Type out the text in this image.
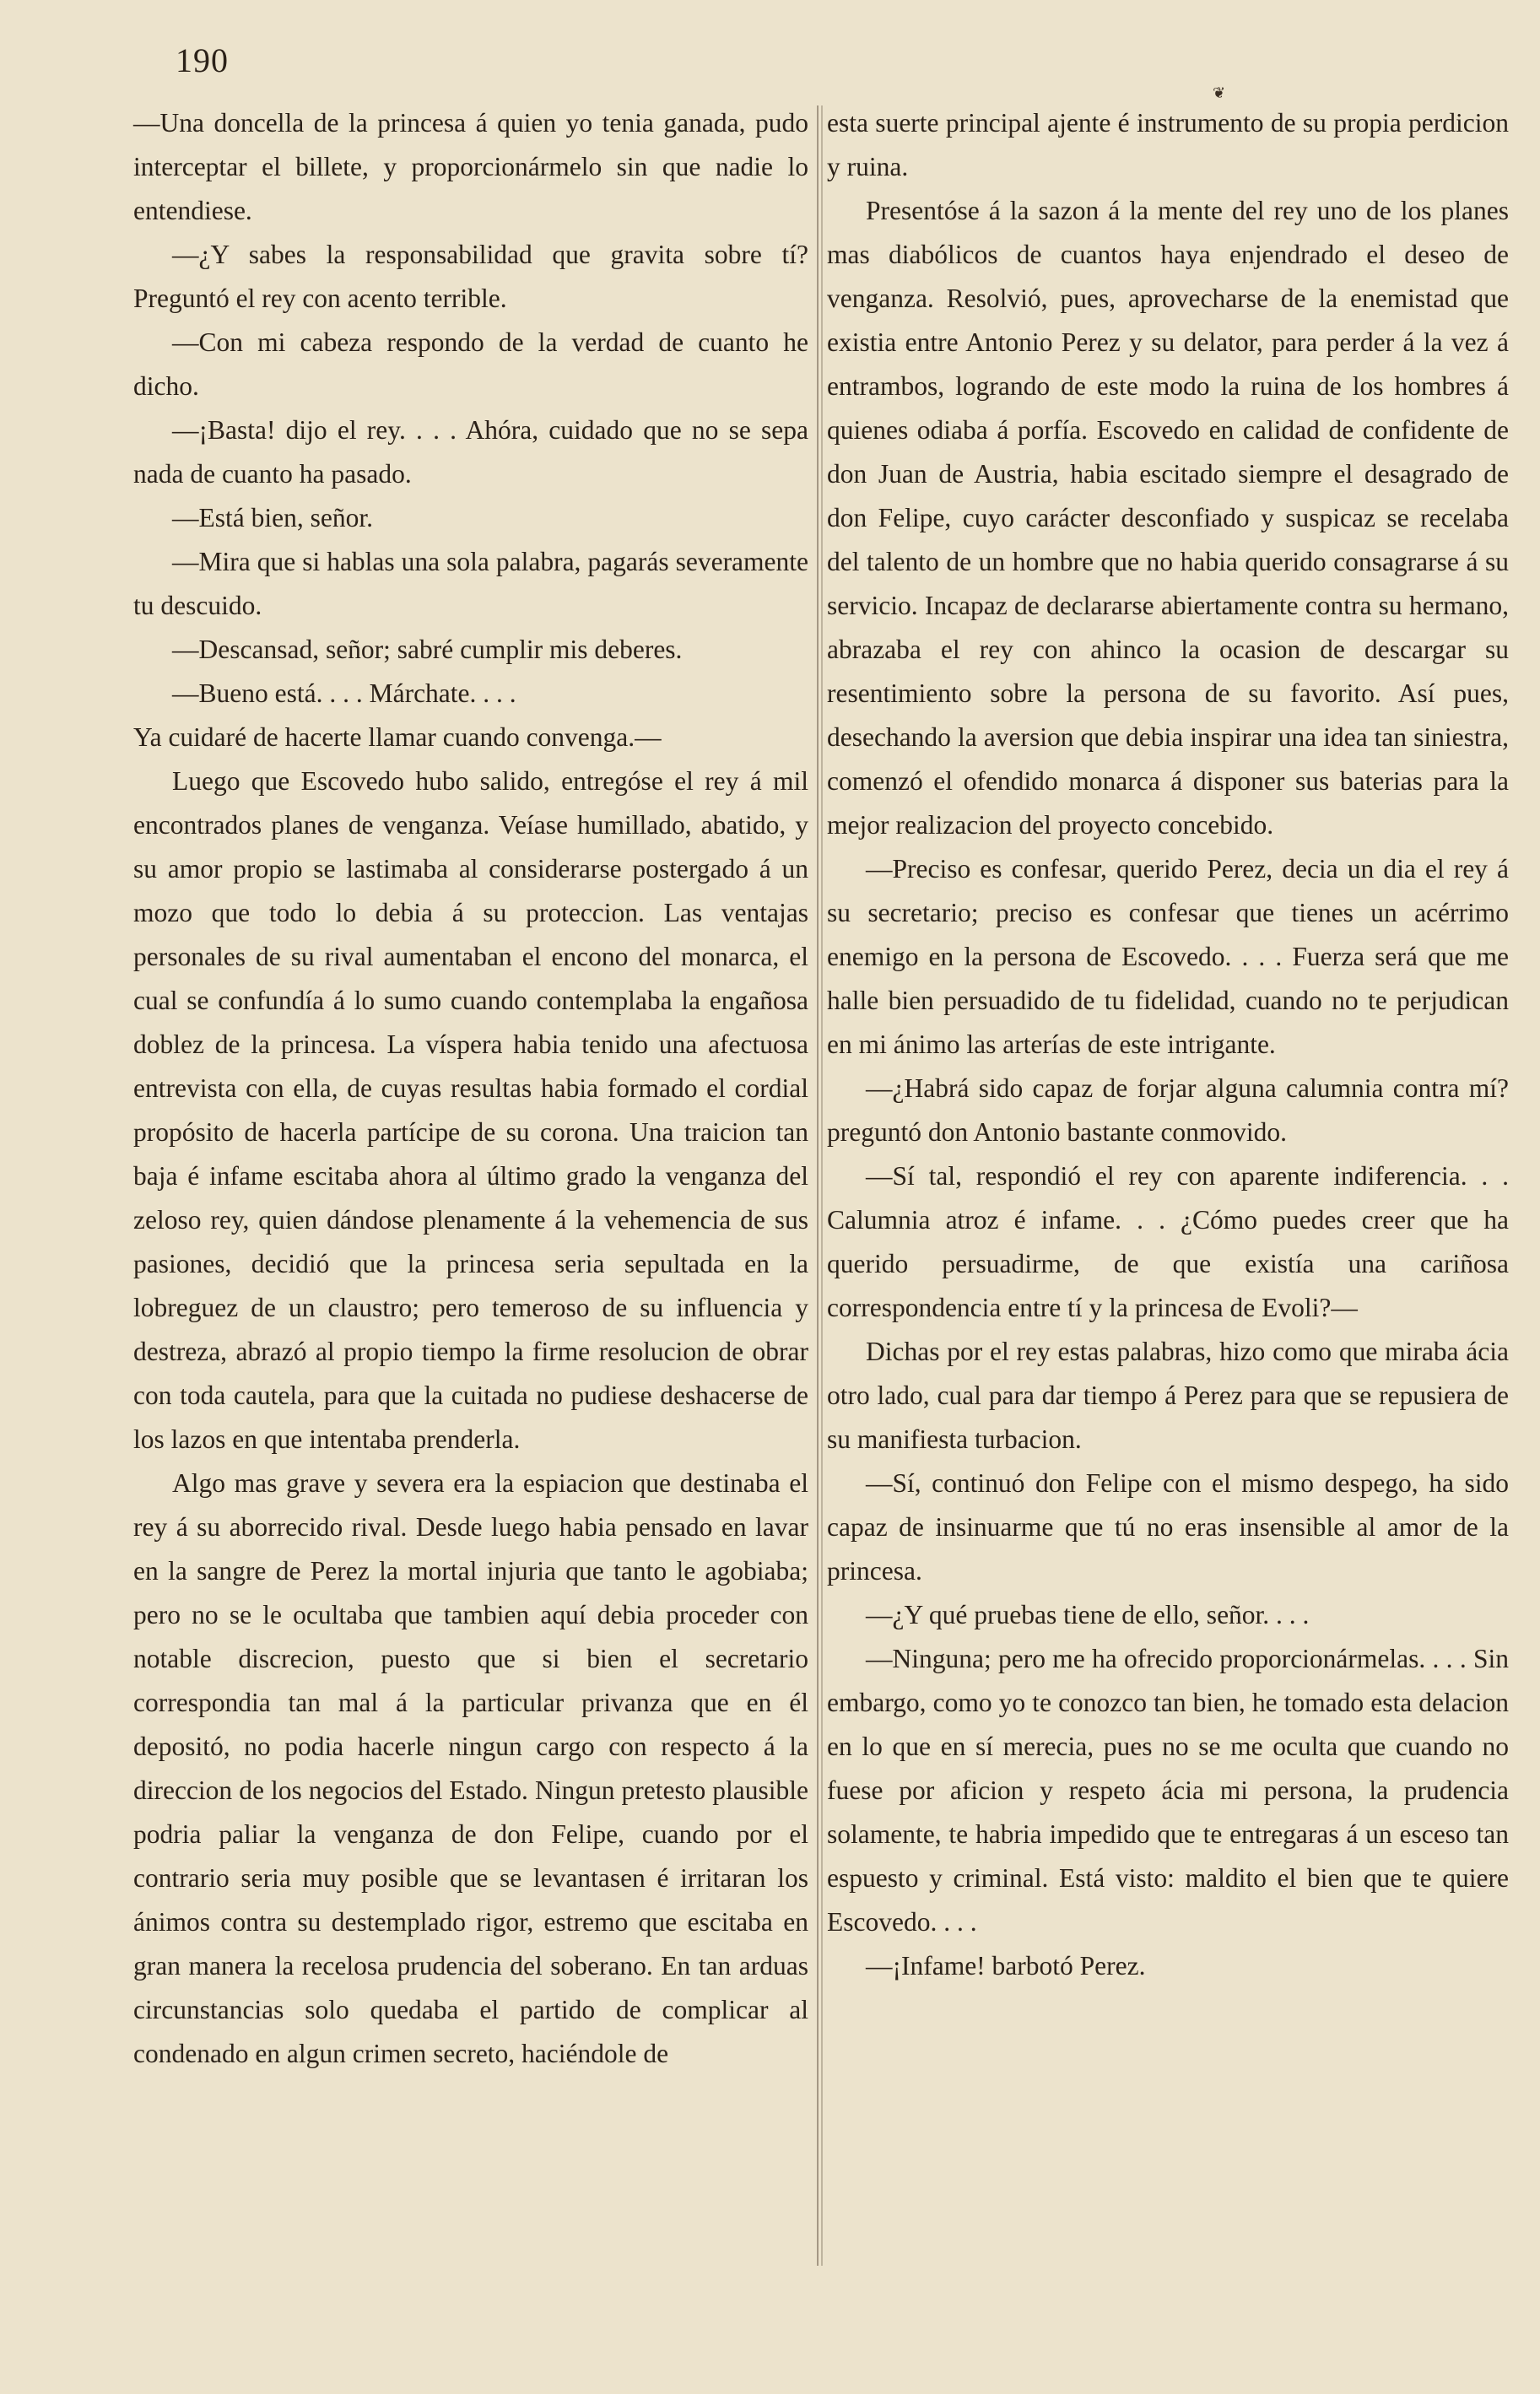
190
❦

—Una doncella de la princesa á quien yo tenia ganada, pudo interceptar el billete, y proporcionármelo sin que nadie lo entendiese.

—¿Y sabes la responsabilidad que gravita sobre tí? Preguntó el rey con acento terrible.

—Con mi cabeza respondo de la verdad de cuanto he dicho.

—¡Basta! dijo el rey. . . . Ahóra, cuidado que no se sepa nada de cuanto ha pasado.

—Está bien, señor.

—Mira que si hablas una sola palabra, pagarás severamente tu descuido.

—Descansad, señor; sabré cumplir mis deberes.

—Bueno está. . . . Márchate. . . .

Ya cuidaré de hacerte llamar cuando convenga.—

Luego que Escovedo hubo salido, entregóse el rey á mil encontrados planes de venganza. Veíase humillado, abatido, y su amor propio se lastimaba al considerarse postergado á un mozo que todo lo debia á su proteccion. Las ventajas personales de su rival aumentaban el encono del monarca, el cual se confundía á lo sumo cuando contemplaba la engañosa doblez de la princesa. La víspera habia tenido una afectuosa entrevista con ella, de cuyas resultas habia formado el cordial propósito de hacerla partícipe de su corona. Una traicion tan baja é infame escitaba ahora al último grado la venganza del zeloso rey, quien dándose plenamente á la vehemencia de sus pasiones, decidió que la princesa seria sepultada en la lobreguez de un claustro; pero temeroso de su influencia y destreza, abrazó al propio tiempo la firme resolucion de obrar con toda cautela, para que la cuitada no pudiese deshacerse de los lazos en que intentaba prenderla.

Algo mas grave y severa era la espiacion que destinaba el rey á su aborrecido rival. Desde luego habia pensado en lavar en la sangre de Perez la mortal injuria que tanto le agobiaba; pero no se le ocultaba que tambien aquí debia proceder con notable discrecion, puesto que si bien el secretario correspondia tan mal á la particular privanza que en él depositó, no podia hacerle ningun cargo con respecto á la direccion de los negocios del Estado. Ningun pretesto plausible podria paliar la venganza de don Felipe, cuando por el contrario seria muy posible que se levantasen é irritaran los ánimos contra su destemplado rigor, estremo que escitaba en gran manera la recelosa prudencia del soberano. En tan arduas circunstancias solo quedaba el partido de complicar al condenado en algun crimen secreto, haciéndole de

esta suerte principal ajente é instrumento de su propia perdicion y ruina.

Presentóse á la sazon á la mente del rey uno de los planes mas diabólicos de cuantos haya enjendrado el deseo de venganza. Resolvió, pues, aprovecharse de la enemistad que existia entre Antonio Perez y su delator, para perder á la vez á entrambos, logrando de este modo la ruina de los hombres á quienes odiaba á porfía. Escovedo en calidad de confidente de don Juan de Austria, habia escitado siempre el desagrado de don Felipe, cuyo carácter desconfiado y suspicaz se recelaba del talento de un hombre que no habia querido consagrarse á su servicio. Incapaz de declararse abiertamente contra su hermano, abrazaba el rey con ahinco la ocasion de descargar su resentimiento sobre la persona de su favorito. Así pues, desechando la aversion que debia inspirar una idea tan siniestra, comenzó el ofendido monarca á disponer sus baterias para la mejor realizacion del proyecto concebido.

—Preciso es confesar, querido Perez, decia un dia el rey á su secretario; preciso es confesar que tienes un acérrimo enemigo en la persona de Escovedo. . . . Fuerza será que me halle bien persuadido de tu fidelidad, cuando no te perjudican en mi ánimo las arterías de este intrigante.

—¿Habrá sido capaz de forjar alguna calumnia contra mí? preguntó don Antonio bastante conmovido.

—Sí tal, respondió el rey con aparente indiferencia. . . Calumnia atroz é infame. . . ¿Cómo puedes creer que ha querido persuadirme, de que existía una cariñosa correspondencia entre tí y la princesa de Evoli?—

Dichas por el rey estas palabras, hizo como que miraba ácia otro lado, cual para dar tiempo á Perez para que se repusiera de su manifiesta turbacion.

—Sí, continuó don Felipe con el mismo despego, ha sido capaz de insinuarme que tú no eras insensible al amor de la princesa.

—¿Y qué pruebas tiene de ello, señor. . . .

—Ninguna; pero me ha ofrecido proporcionármelas. . . . Sin embargo, como yo te conozco tan bien, he tomado esta delacion en lo que en sí merecia, pues no se me oculta que cuando no fuese por aficion y respeto ácia mi persona, la prudencia solamente, te habria impedido que te entregaras á un esceso tan espuesto y criminal. Está visto: maldito el bien que te quiere Escovedo. . . .

—¡Infame! barbotó Perez.
